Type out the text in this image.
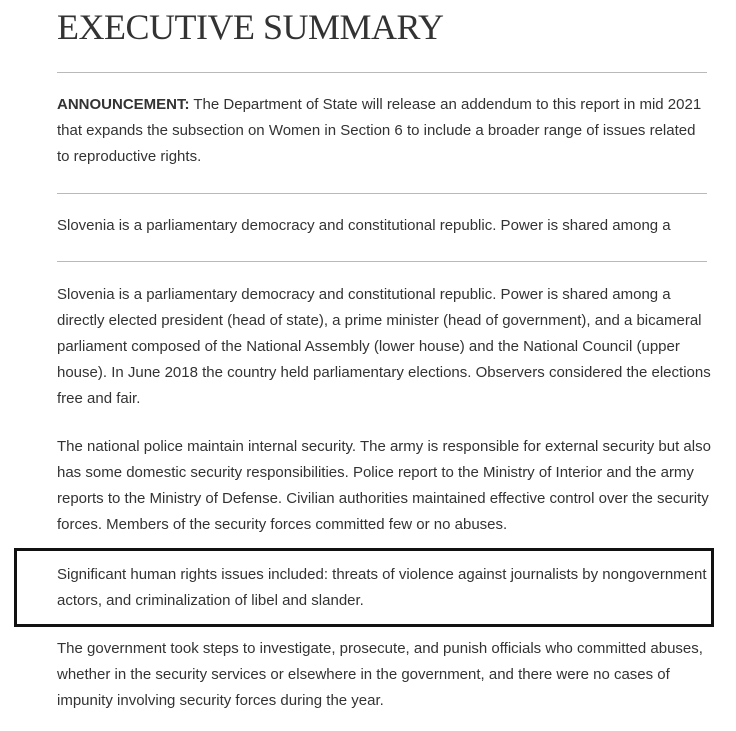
EXECUTIVE SUMMARY

ANNOUNCEMENT: The Department of State will release an addendum to this report in mid 2021 that expands the subsection on Women in Section 6 to include a broader range of issues related to reproductive rights.

Slovenia is a parliamentary democracy and constitutional republic. Power is shared among a

Slovenia is a parliamentary democracy and constitutional republic. Power is shared among a directly elected president (head of state), a prime minister (head of government), and a bicameral parliament composed of the National Assembly (lower house) and the National Council (upper house). In June 2018 the country held parliamentary elections. Observers considered the elections free and fair.

The national police maintain internal security. The army is responsible for external security but also has some domestic security responsibilities. Police report to the Ministry of Interior and the army reports to the Ministry of Defense. Civilian authorities maintained effective control over the security forces. Members of the security forces committed few or no abuses.

Significant human rights issues included: threats of violence against journalists by nongovernment actors, and criminalization of libel and slander.

The government took steps to investigate, prosecute, and punish officials who committed abuses, whether in the security services or elsewhere in the government, and there were no cases of impunity involving security forces during the year.
